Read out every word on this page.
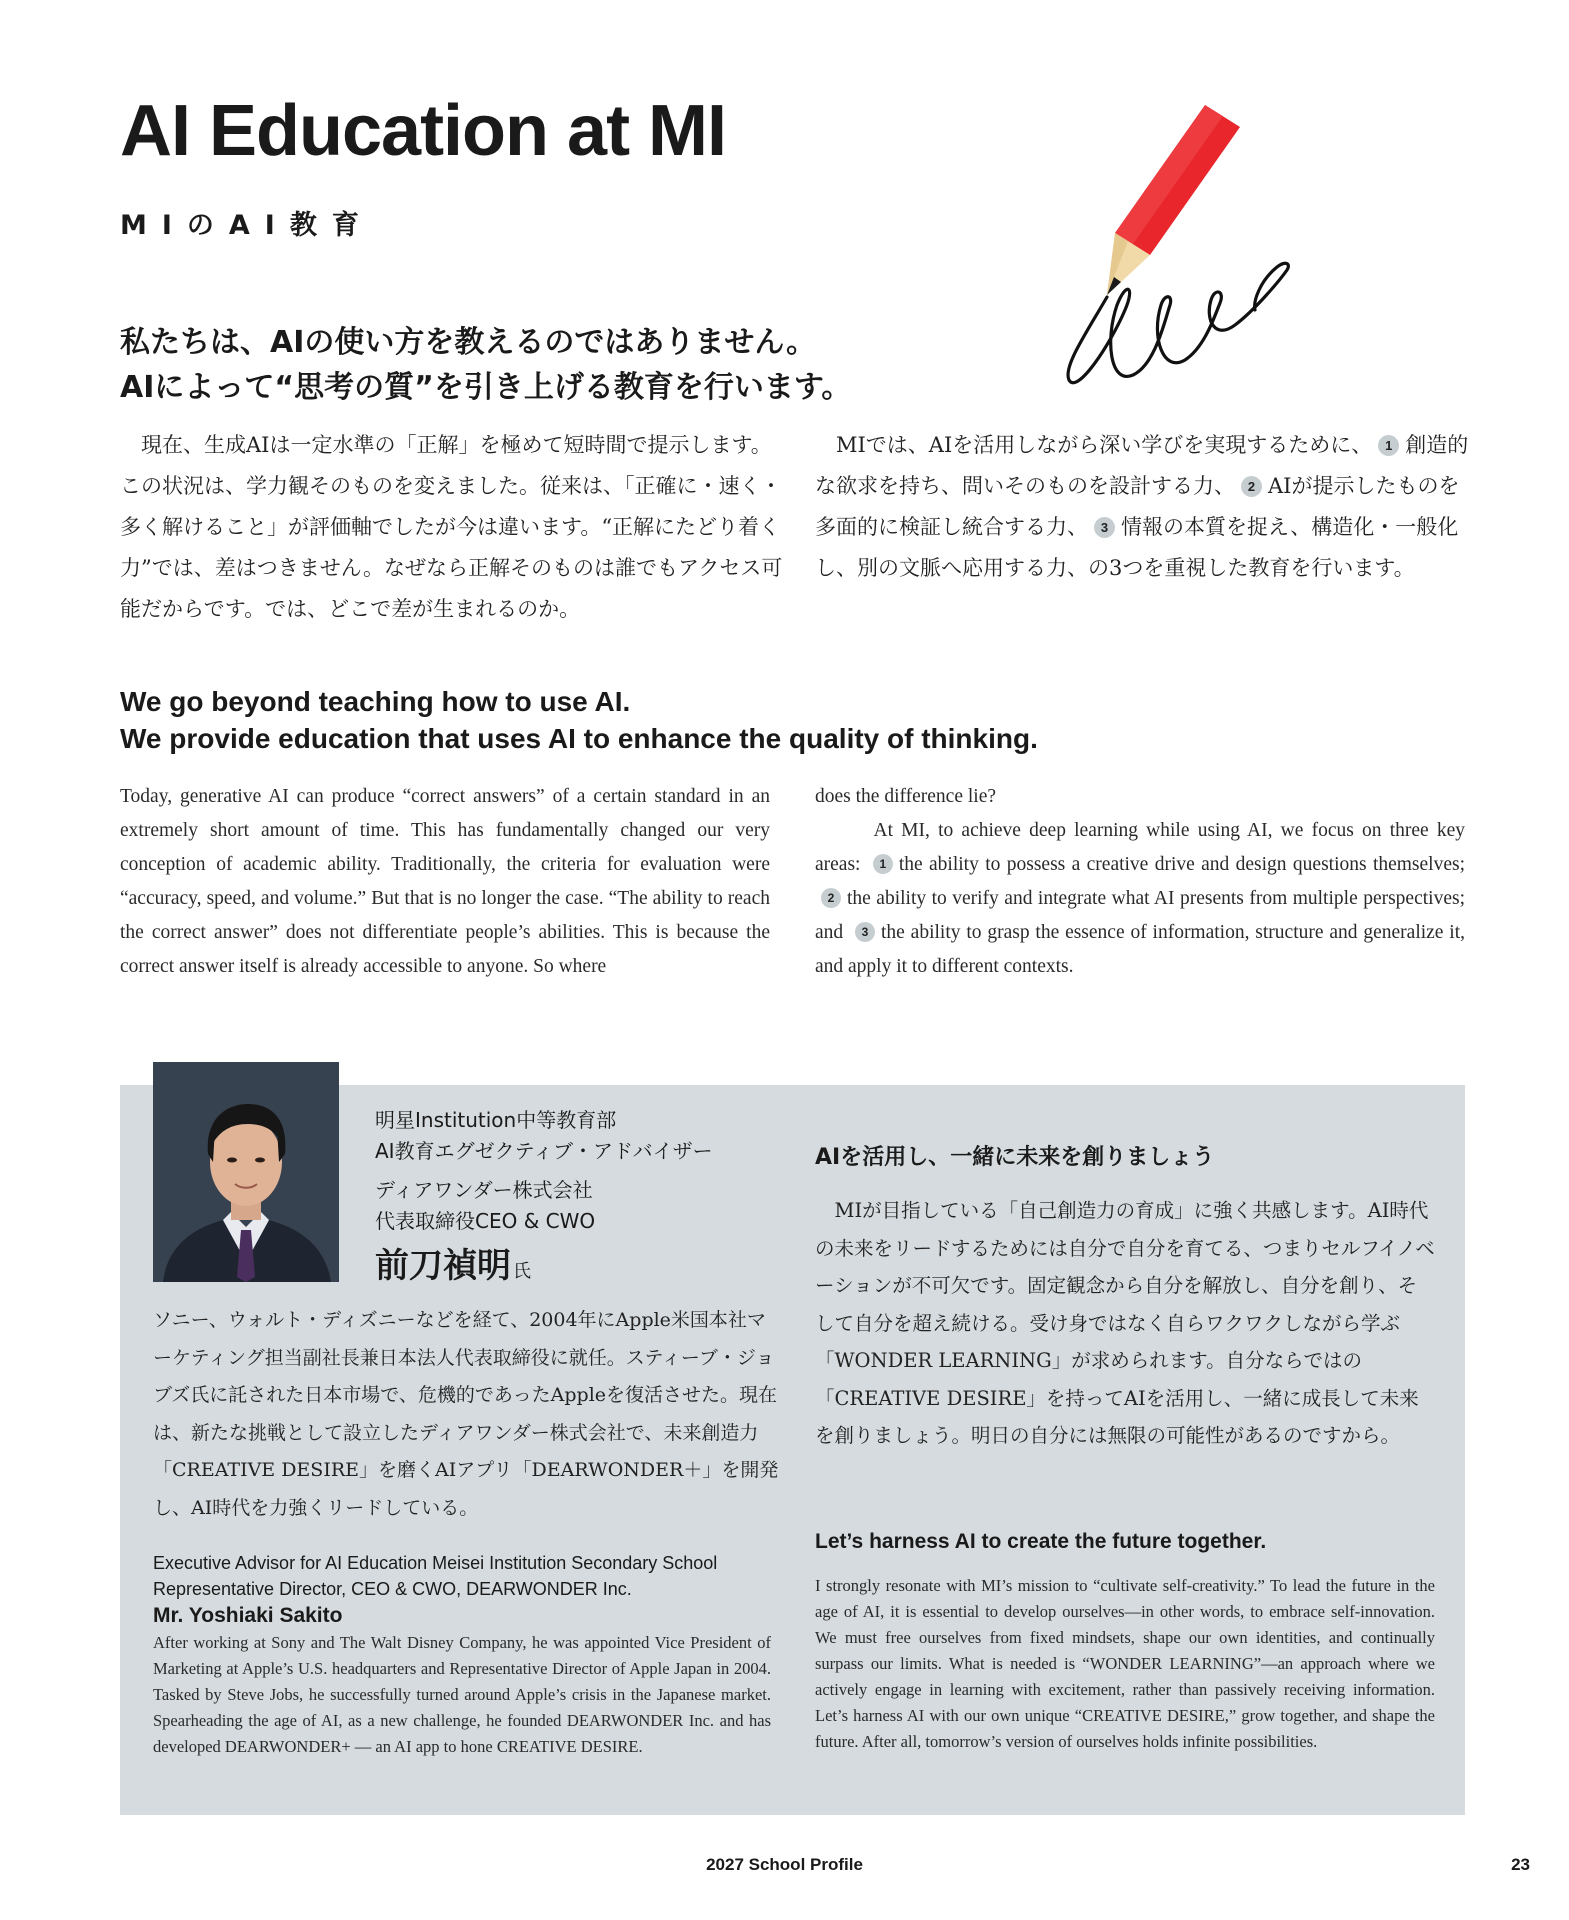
AI Education at MI
MIのAI教育
私たちは、AIの使い方を教えるのではありません。
AIによって“思考の質”を引き上げる教育を行います。

現在、生成AIは一定水準の「正解」を極めて短時間で提示します。この状況は、学力観そのものを変えました。従来は、「正確に・速く・多く解けること」が評価軸でしたが今は違います。“正解にたどり着く力”では、差はつきません。なぜなら正解そのものは誰でもアクセス可能だからです。では、どこで差が生まれるのか。

MIでは、AIを活用しながら深い学びを実現するために、 1 創造的な欲求を持ち、問いそのものを設計する力、 2 AIが提示したものを多面的に検証し統合する力、 3 情報の本質を捉え、構造化・一般化し、別の文脈へ応用する力、の3つを重視した教育を行います。

We go beyond teaching how to use AI.
We provide education that uses AI to enhance the quality of thinking.

Today, generative AI can produce “correct answers” of a certain standard in an extremely short amount of time. This has fundamentally changed our very conception of academic ability. Traditionally, the criteria for evaluation were “accuracy, speed, and volume.” But that is no longer the case. “The ability to reach the correct answer” does not differentiate people’s abilities. This is because the correct answer itself is already accessible to anyone. So where

does the difference lie?
At MI, to achieve deep learning while using AI, we focus on three key areas: 1 the ability to possess a creative drive and design questions themselves; 2 the ability to verify and integrate what AI presents from multiple perspectives; and 3 the ability to grasp the essence of information, structure and generalize it, and apply it to different contexts.
明星Institution中等教育部
AI教育エグゼクティブ・アドバイザー
ディアワンダー株式会社
代表取締役CEO & CWO
前刀禎明 氏

ソニー、ウォルト・ディズニーなどを経て、2004年にApple米国本社マーケティング担当副社長兼日本法人代表取締役に就任。スティーブ・ジョブズ氏に託された日本市場で、危機的であったAppleを復活させた。現在は、新たな挑戦として設立したディアワンダー株式会社で、未来創造力「CREATIVE DESIRE」を磨くAIアプリ「DEARWONDER＋」を開発し、AI時代を力強くリードしている。

Executive Advisor for AI Education Meisei Institution Secondary School
Representative Director, CEO & CWO, DEARWONDER Inc.
Mr. Yoshiaki Sakito

After working at Sony and The Walt Disney Company, he was appointed Vice President of Marketing at Apple’s U.S. headquarters and Representative Director of Apple Japan in 2004. Tasked by Steve Jobs, he successfully turned around Apple’s crisis in the Japanese market. Spearheading the age of AI, as a new challenge, he founded DEARWONDER Inc. and has developed DEARWONDER+ — an AI app to hone CREATIVE DESIRE.

AIを活用し、一緒に未来を創りましょう

MIが目指している「自己創造力の育成」に強く共感します。AI時代の未来をリードするためには自分で自分を育てる、つまりセルフイノベーションが不可欠です。固定観念から自分を解放し、自分を創り、そして自分を超え続ける。受け身ではなく自らワクワクしながら学ぶ「WONDER LEARNING」が求められます。自分ならではの「CREATIVE DESIRE」を持ってAIを活用し、一緒に成長して未来を創りましょう。明日の自分には無限の可能性があるのですから。

Let’s harness AI to create the future together.

I strongly resonate with MI’s mission to “cultivate self-creativity.” To lead the future in the age of AI, it is essential to develop ourselves—in other words, to embrace self-innovation. We must free ourselves from fixed mindsets, shape our own identities, and continually surpass our limits. What is needed is “WONDER LEARNING”—an approach where we actively engage in learning with excitement, rather than passively receiving information. Let’s harness AI with our own unique “CREATIVE DESIRE,” grow together, and shape the future. After all, tomorrow’s version of ourselves holds infinite possibilities.

2027 School Profile	23
